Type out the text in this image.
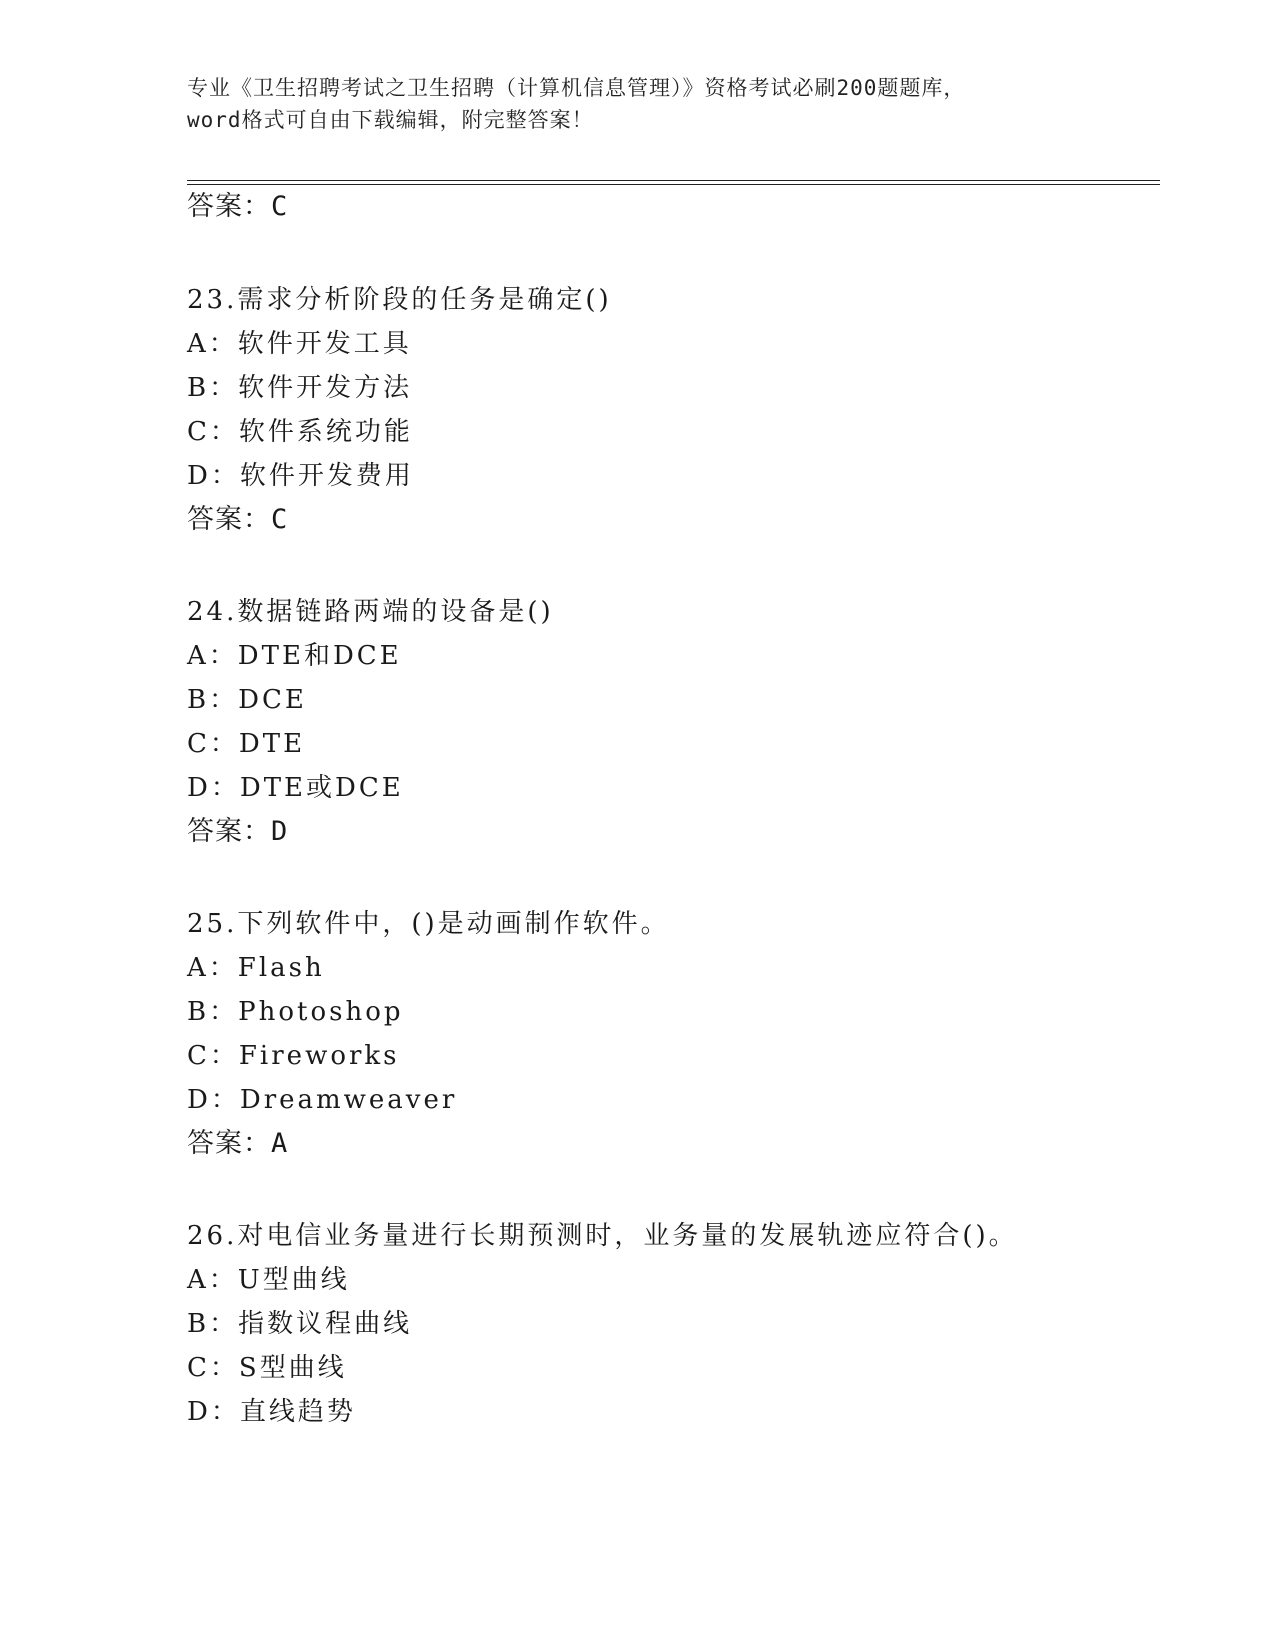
专业《卫生招聘考试之卫生招聘（计算机信息管理）》资格考试必刷200题题库，
word格式可自由下载编辑，附完整答案！
答案：C
23.需求分析阶段的任务是确定()
A：软件开发工具
B：软件开发方法
C：软件系统功能
D：软件开发费用
答案：C
24.数据链路两端的设备是()
A：DTE和DCE
B：DCE
C：DTE
D：DTE或DCE
答案：D
25.下列软件中，()是动画制作软件。
A：Flash
B：Photoshop
C：Fireworks
D：Dreamweaver
答案：A
26.对电信业务量进行长期预测时，业务量的发展轨迹应符合()。
A：U型曲线
B：指数议程曲线
C：S型曲线
D：直线趋势
